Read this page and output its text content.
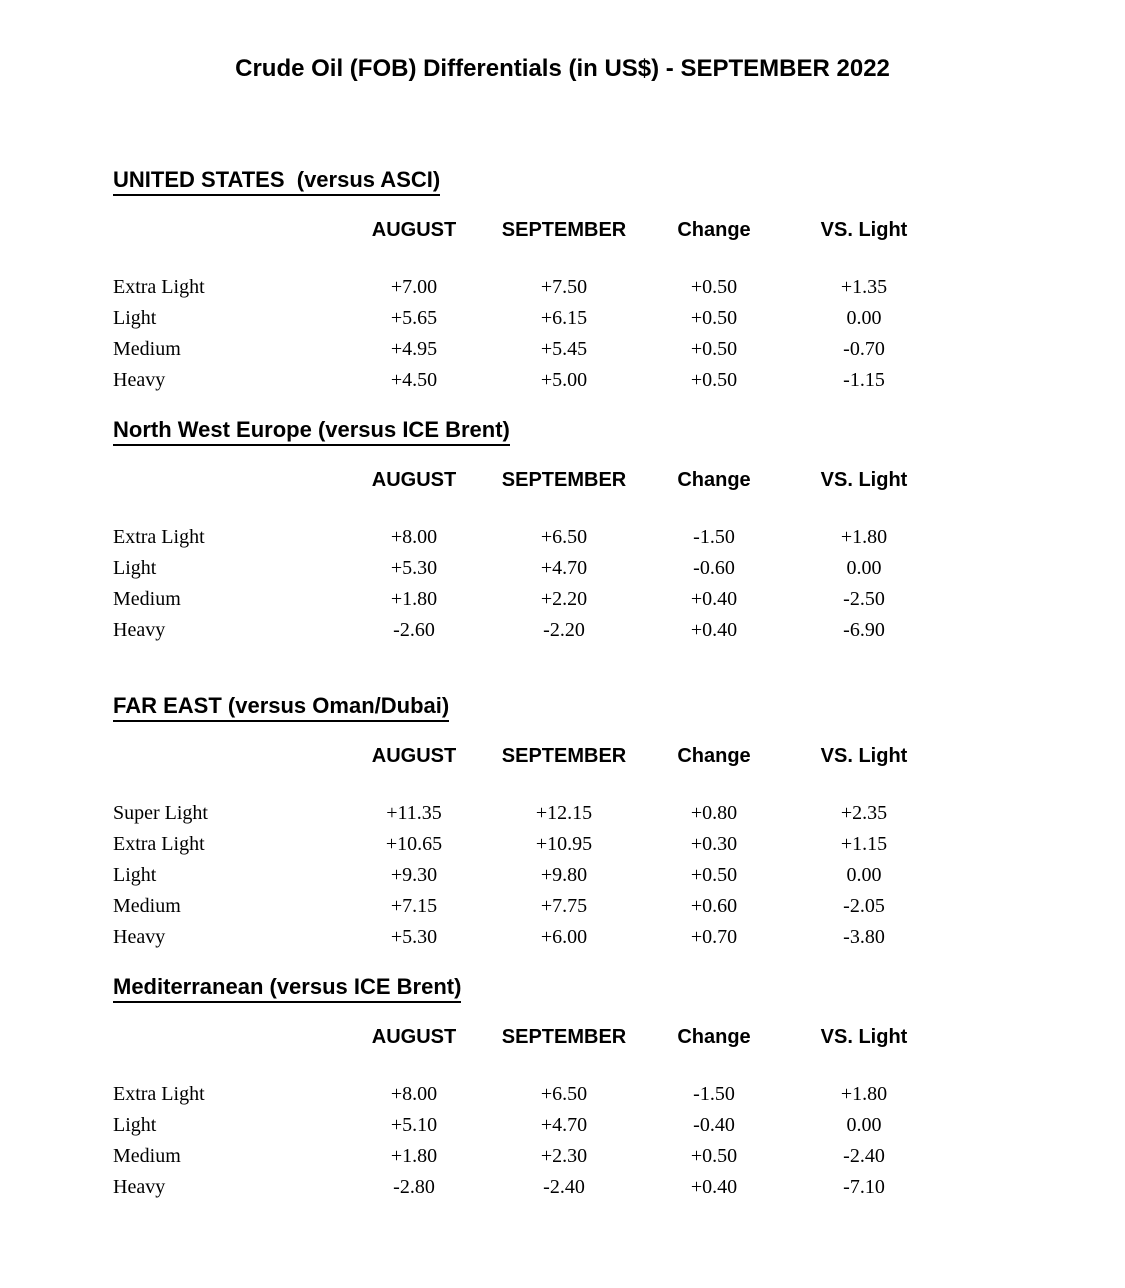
Crude Oil (FOB) Differentials (in US$) - SEPTEMBER 2022
UNITED STATES  (versus ASCI)
AUGUST	SEPTEMBER	Change	VS. Light
Extra Light	+7.00	+7.50	+0.50	+1.35
Light	+5.65	+6.15	+0.50	0.00
Medium	+4.95	+5.45	+0.50	-0.70
Heavy	+4.50	+5.00	+0.50	-1.15
North West Europe (versus ICE Brent)
AUGUST	SEPTEMBER	Change	VS. Light
Extra Light	+8.00	+6.50	-1.50	+1.80
Light	+5.30	+4.70	-0.60	0.00
Medium	+1.80	+2.20	+0.40	-2.50
Heavy	-2.60	-2.20	+0.40	-6.90
FAR EAST (versus Oman/Dubai)
AUGUST	SEPTEMBER	Change	VS. Light
Super Light	+11.35	+12.15	+0.80	+2.35
Extra Light	+10.65	+10.95	+0.30	+1.15
Light	+9.30	+9.80	+0.50	0.00
Medium	+7.15	+7.75	+0.60	-2.05
Heavy	+5.30	+6.00	+0.70	-3.80
Mediterranean (versus ICE Brent)
AUGUST	SEPTEMBER	Change	VS. Light
Extra Light	+8.00	+6.50	-1.50	+1.80
Light	+5.10	+4.70	-0.40	0.00
Medium	+1.80	+2.30	+0.50	-2.40
Heavy	-2.80	-2.40	+0.40	-7.10
